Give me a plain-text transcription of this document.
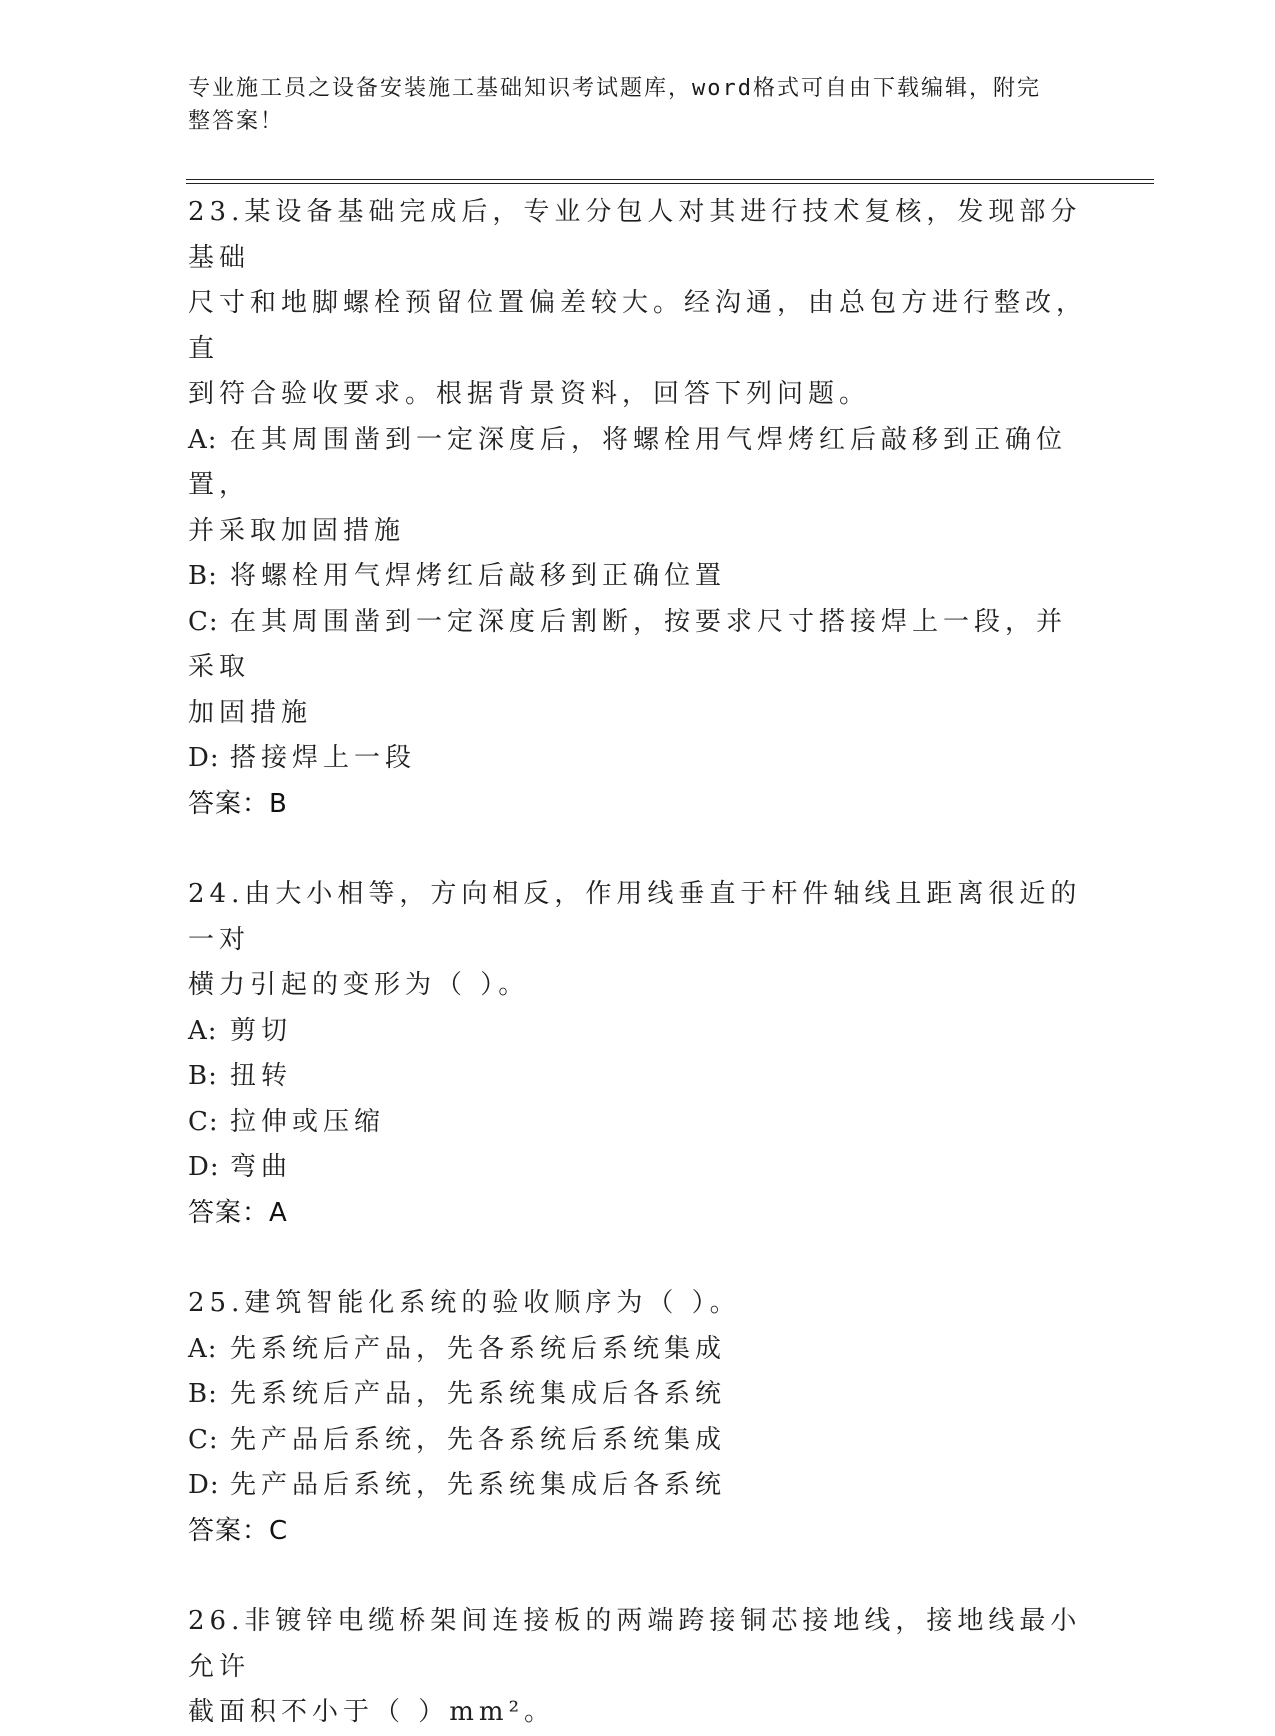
专业施工员之设备安装施工基础知识考试题库，word格式可自由下载编辑，附完
整答案！
23.某设备基础完成后，专业分包人对其进行技术复核，发现部分基础
尺寸和地脚螺栓预留位置偏差较大。经沟通，由总包方进行整改，直
到符合验收要求。根据背景资料，回答下列问题。
A: 在其周围凿到一定深度后，将螺栓用气焊烤红后敲移到正确位置，
并采取加固措施
B: 将螺栓用气焊烤红后敲移到正确位置
C: 在其周围凿到一定深度后割断，按要求尺寸搭接焊上一段，并采取
加固措施
D: 搭接焊上一段
答案：B
24.由大小相等，方向相反，作用线垂直于杆件轴线且距离很近的一对
横力引起的变形为（ ）。
A: 剪切
B: 扭转
C: 拉伸或压缩
D: 弯曲
答案：A
25.建筑智能化系统的验收顺序为（ ）。
A: 先系统后产品，先各系统后系统集成
B: 先系统后产品，先系统集成后各系统
C: 先产品后系统，先各系统后系统集成
D: 先产品后系统，先系统集成后各系统
答案：C
26.非镀锌电缆桥架间连接板的两端跨接铜芯接地线，接地线最小允许
截面积不小于（ ）mm²。
